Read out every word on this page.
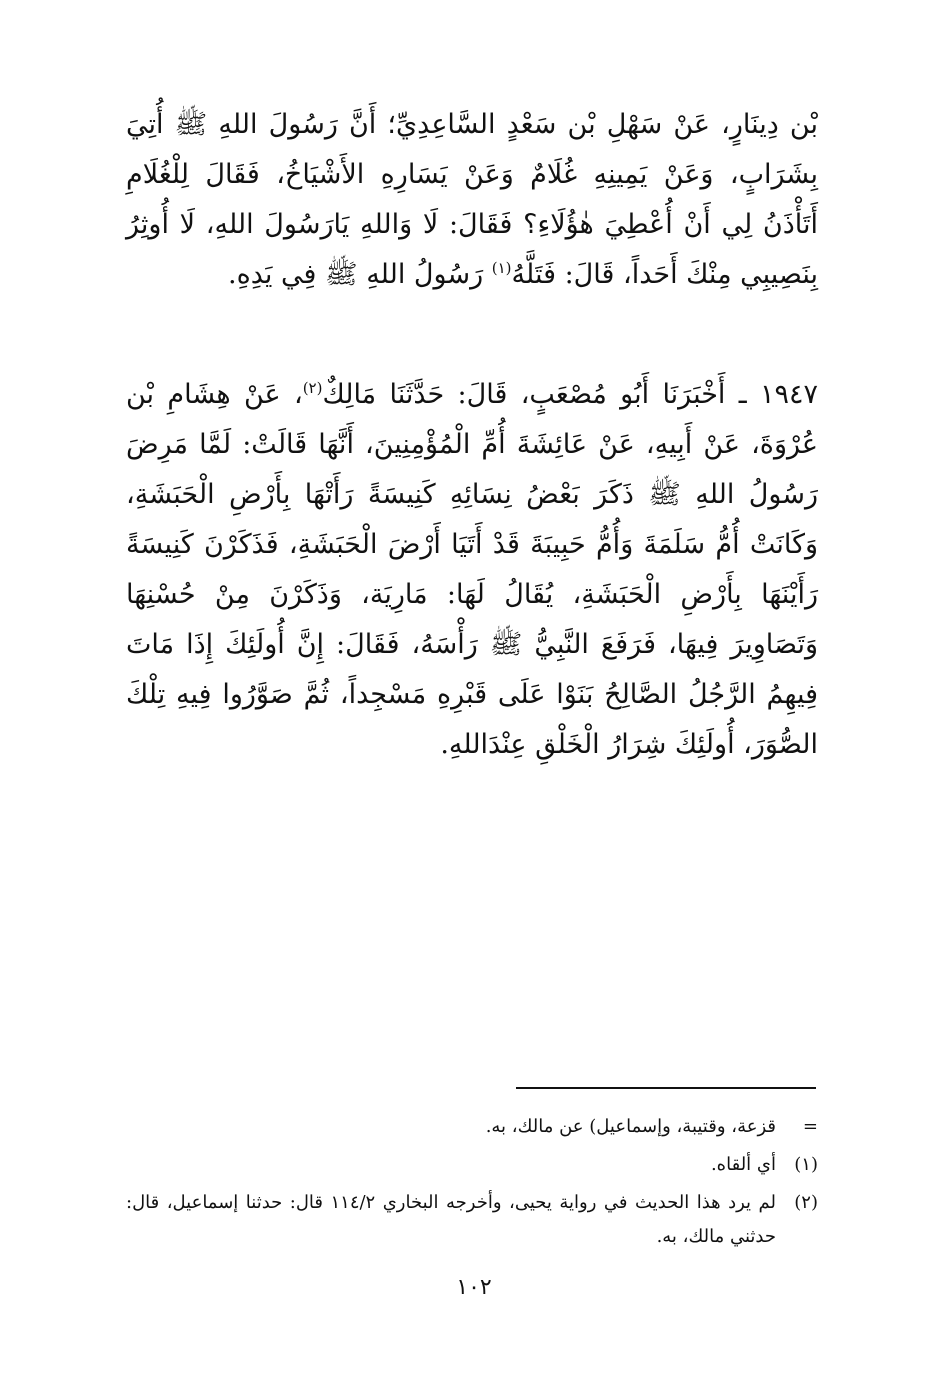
بْن دِينَارٍ، عَنْ سَهْلِ بْن سَعْدٍ السَّاعِدِيِّ؛ أَنَّ رَسُولَ اللهِ ﷺ أُتِيَ بِشَرَابٍ، وَعَنْ يَمِينِهِ غُلَامٌ وَعَنْ يَسَارِهِ الأَشْيَاخُ، فَقَالَ لِلْغُلَامِ أَتَأْذَنُ لِي أَنْ أُعْطِيَ هٰؤُلَاءِ؟ فَقَالَ: لَا وَاللهِ يَارَسُولَ اللهِ، لَا أُوثِرُ بِنَصِيبِي مِنْكَ أَحَداً، قَالَ: فَتَلَّهُ$^{(١)}$ رَسُولُ اللهِ ﷺ فِي يَدِهِ.

١٩٤٧ ـ أَخْبَرَنَا أَبُو مُصْعَبٍ، قَالَ: حَدَّثَنَا مَالِكٌ$^{(٢)}$، عَنْ هِشَامِ بْن عُرْوَةَ، عَنْ أَبِيهِ، عَنْ عَائِشَةَ أُمِّ الْمُؤْمِنِينَ، أَنَّهَا قَالَتْ: لَمَّا مَرِضَ رَسُولُ اللهِ ﷺ ذَكَرَ بَعْضُ نِسَائِهِ كَنِيسَةً رَأَتْهَا بِأَرْضِ الْحَبَشَةِ، وَكَانَتْ أُمُّ سَلَمَةَ وَأُمُّ حَبِيبَةَ قَدْ أَتَيَا أَرْضَ الْحَبَشَةِ، فَذَكَرْنَ كَنِيسَةً رَأَيْنَهَا بِأَرْضِ الْحَبَشَةِ، يُقَالُ لَهَا: مَارِيَة، وَذَكَرْنَ مِنْ حُسْنِهَا وَتَصَاوِيرَ فِيهَا، فَرَفَعَ النَّبِيُّ ﷺ رَأْسَهُ، فَقَالَ: إِنَّ أُولَئِكَ إِذَا مَاتَ فِيهِمُ الرَّجُلُ الصَّالِحُ بَنَوْا عَلَى قَبْرِهِ مَسْجِداً، ثُمَّ صَوَّرُوا فِيهِ تِلْكَ الصُّوَرَ، أُولَئِكَ شِرَارُ الْخَلْقِ عِنْدَاللهِ.

=
قزعة، وقتيبة، وإسماعيل) عن مالك، به.
(١)
أي ألقاه.
(٢)
لم يرد هذا الحديث في رواية يحيى، وأخرجه البخاري ١١٤/٢ قال: حدثنا إسماعيل، قال: حدثني مالك، به.
١٠٢
